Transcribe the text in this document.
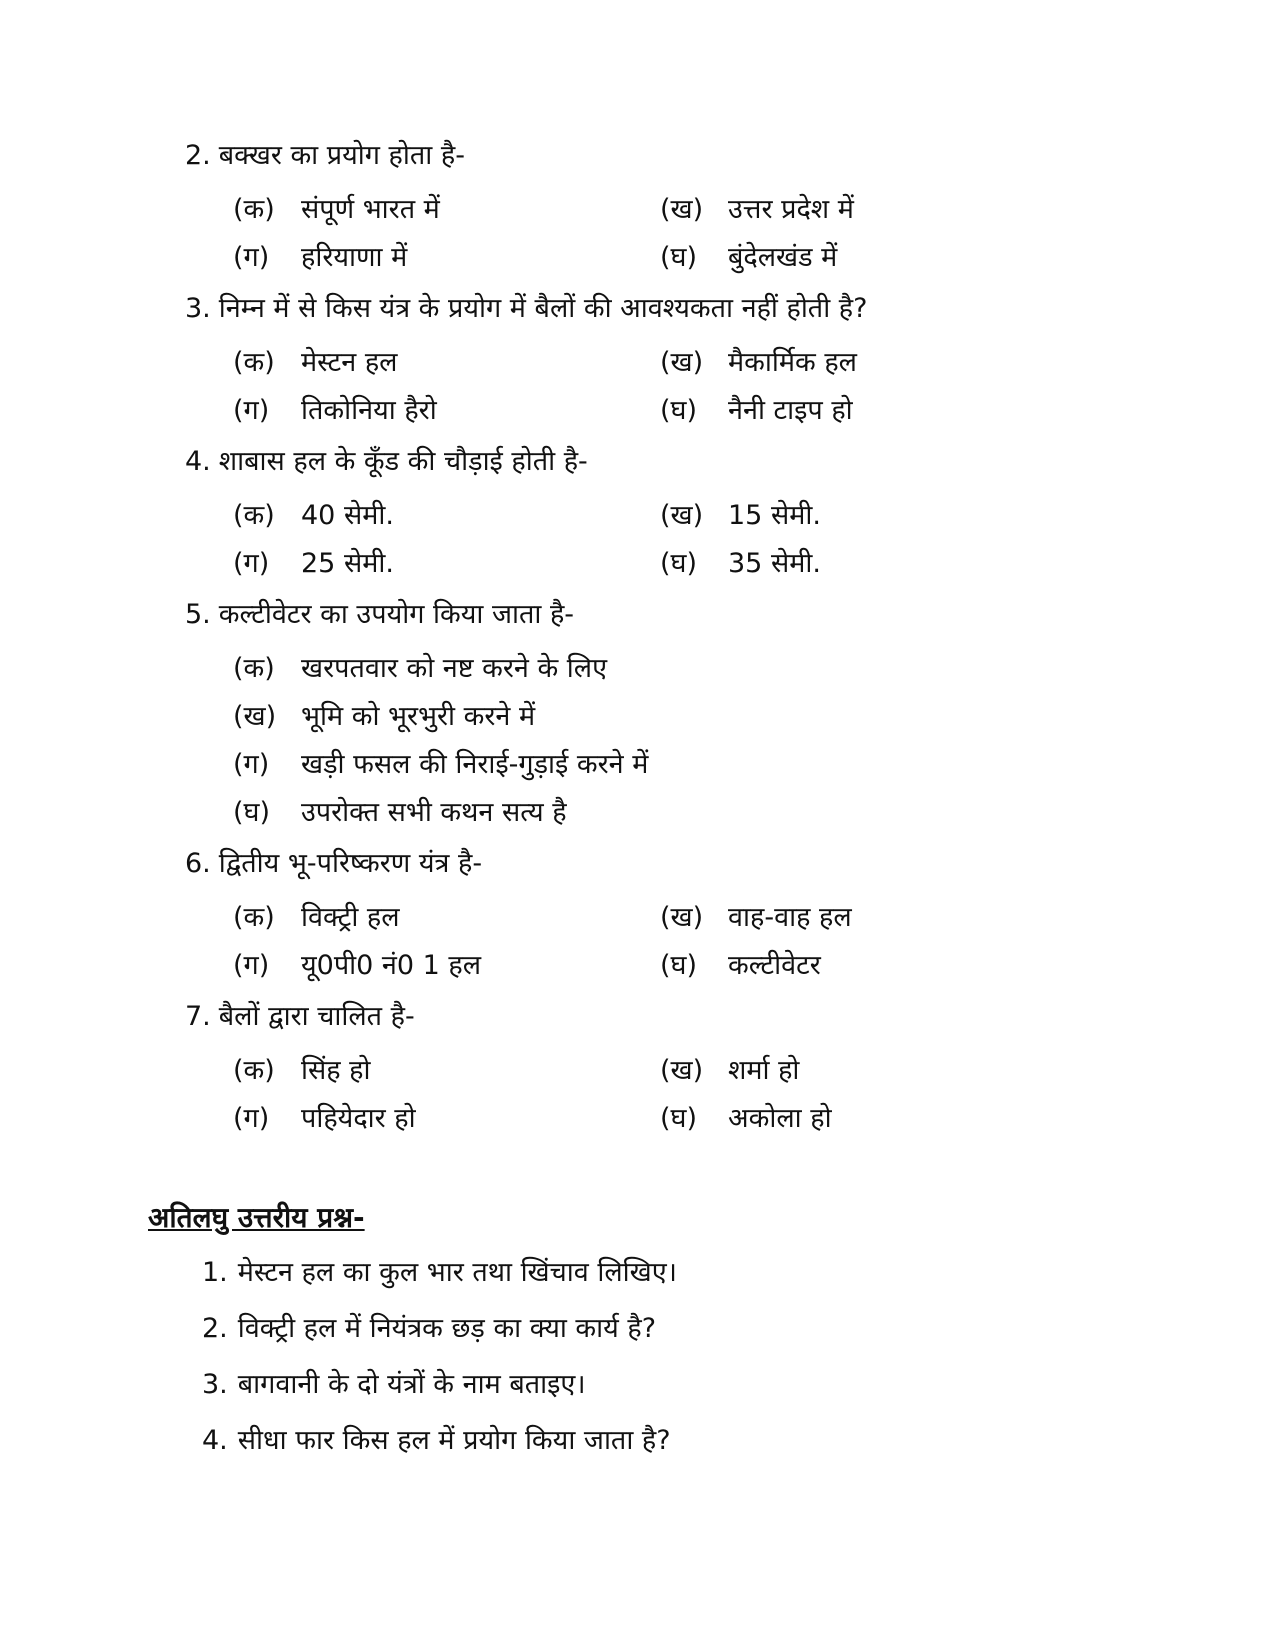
2. बक्खर का प्रयोग होता है-
(क) संपूर्ण भारत में	(ख) उत्तर प्रदेश में
(ग) हरियाणा में	(घ) बुंदेलखंड में
3. निम्न में से किस यंत्र के प्रयोग में बैलों की आवश्यकता नहीं होती है?
(क) मेस्टन हल	(ख) मैकार्मिक हल
(ग) तिकोनिया हैरो	(घ) नैनी टाइप हो
4. शाबास हल के कूँड की चौड़ाई होती है-
(क) 40 सेमी.	(ख) 15 सेमी.
(ग) 25 सेमी.	(घ) 35 सेमी.
5. कल्टीवेटर का उपयोग किया जाता है-
(क) खरपतवार को नष्ट करने के लिए
(ख) भूमि को भूरभुरी करने में
(ग) खड़ी फसल की निराई-गुड़ाई करने में
(घ) उपरोक्त सभी कथन सत्य है
6. द्वितीय भू-परिष्करण यंत्र है-
(क) विक्ट्री हल	(ख) वाह-वाह हल
(ग) यू0पी0 नं0 1 हल	(घ) कल्टीवेटर
7. बैलों द्वारा चालित है-
(क) सिंह हो	(ख) शर्मा हो
(ग) पहियेदार हो	(घ) अकोला हो
अतिलघु उत्तरीय प्रश्न-
1. मेस्टन हल का कुल भार तथा खिंचाव लिखिए।
2. विक्ट्री हल में नियंत्रक छड़ का क्या कार्य है?
3. बागवानी के दो यंत्रों के नाम बताइए।
4. सीधा फार किस हल में प्रयोग किया जाता है?
